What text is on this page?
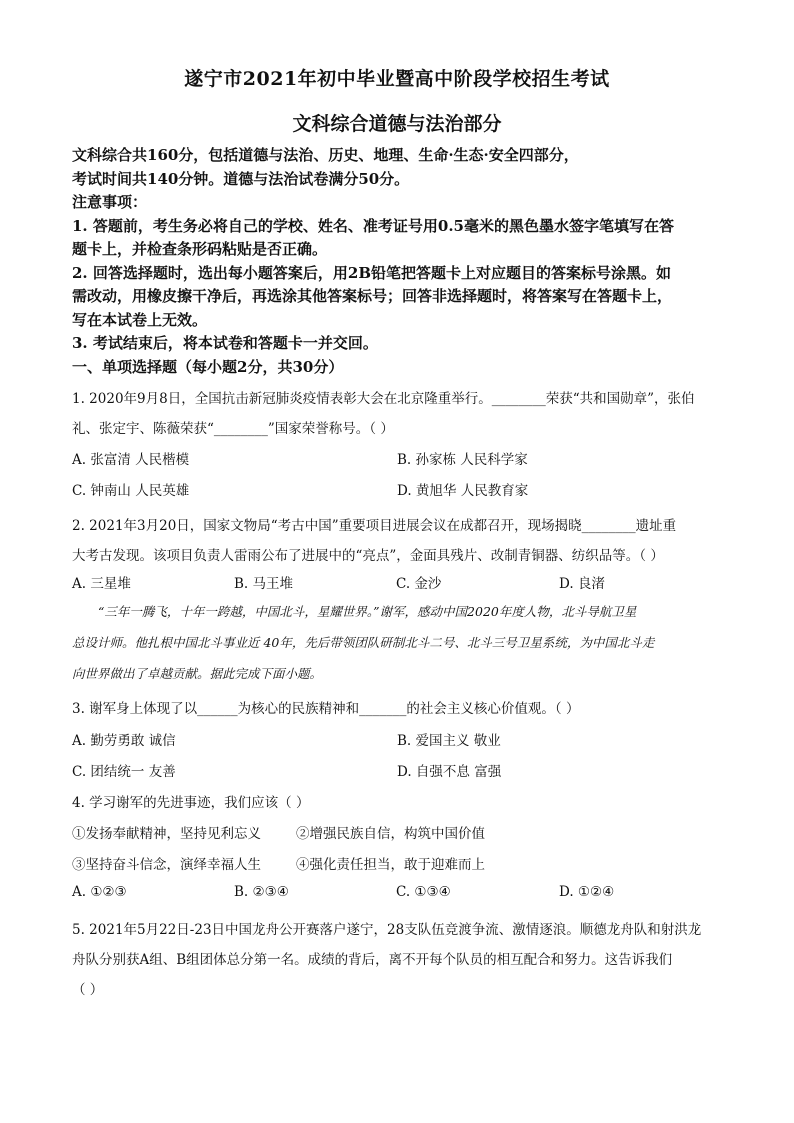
遂宁市2021年初中毕业暨高中阶段学校招生考试
文科综合道德与法治部分

文科综合共160分，包括道德与法治、历史、地理、生命·生态·安全四部分，

考试时间共140分钟。道德与法治试卷满分50分。

注意事项：

1. 答题前，考生务必将自己的学校、姓名、准考证号用0.5毫米的黑色墨水签字笔填写在答

题卡上，并检查条形码粘贴是否正确。

2. 回答选择题时，选出每小题答案后，用2B铅笔把答题卡上对应题目的答案标号涂黑。如

需改动，用橡皮擦干净后，再选涂其他答案标号；回答非选择题时，将答案写在答题卡上，

写在本试卷上无效。

3. 考试结束后，将本试卷和答题卡一并交回。

一、单项选择题（每小题2分，共30分）

1. 2020年9月8日，全国抗击新冠肺炎疫情表彰大会在北京隆重举行。________荣获“共和国勋章”，张伯

礼、张定宇、陈薇荣获“________”国家荣誉称号。（ ）

A. 张富清 人民楷模	B. 孙家栋 人民科学家
C. 钟南山 人民英雄	D. 黄旭华 人民教育家

2. 2021年3月20日，国家文物局“考古中国”重要项目进展会议在成都召开，现场揭晓________遗址重

大考古发现。该项目负责人雷雨公布了进展中的“亮点”，金面具残片、改制青铜器、纺织品等。（ ）

A. 三星堆	B. 马王堆	C. 金沙	D. 良渚

“三年一腾飞，十年一跨越，中国北斗，星耀世界。”谢军，感动中国2020年度人物，北斗导航卫星

总设计师。他扎根中国北斗事业近 40年，先后带领团队研制北斗二号、北斗三号卫星系统，为中国北斗走

向世界做出了卓越贡献。据此完成下面小题。

3. 谢军身上体现了以______为核心的民族精神和_______的社会主义核心价值观。（ ）
A. 勤劳勇敢 诚信	B. 爱国主义 敬业
C. 团结统一 友善	D. 自强不息 富强
4. 学习谢军的先进事迹，我们应该（ ）
①发扬奉献精神，坚持见利忘义	②增强民族自信，构筑中国价值
③坚持奋斗信念，演绎幸福人生	④强化责任担当，敢于迎难而上
A. ①②③	B. ②③④	C. ①③④	D. ①②④

5. 2021年5月22日-23日中国龙舟公开赛落户遂宁，28支队伍竞渡争流、激情逐浪。顺德龙舟队和射洪龙

舟队分别获A组、B组团体总分第一名。成绩的背后，离不开每个队员的相互配合和努力。这告诉我们

（ ）
